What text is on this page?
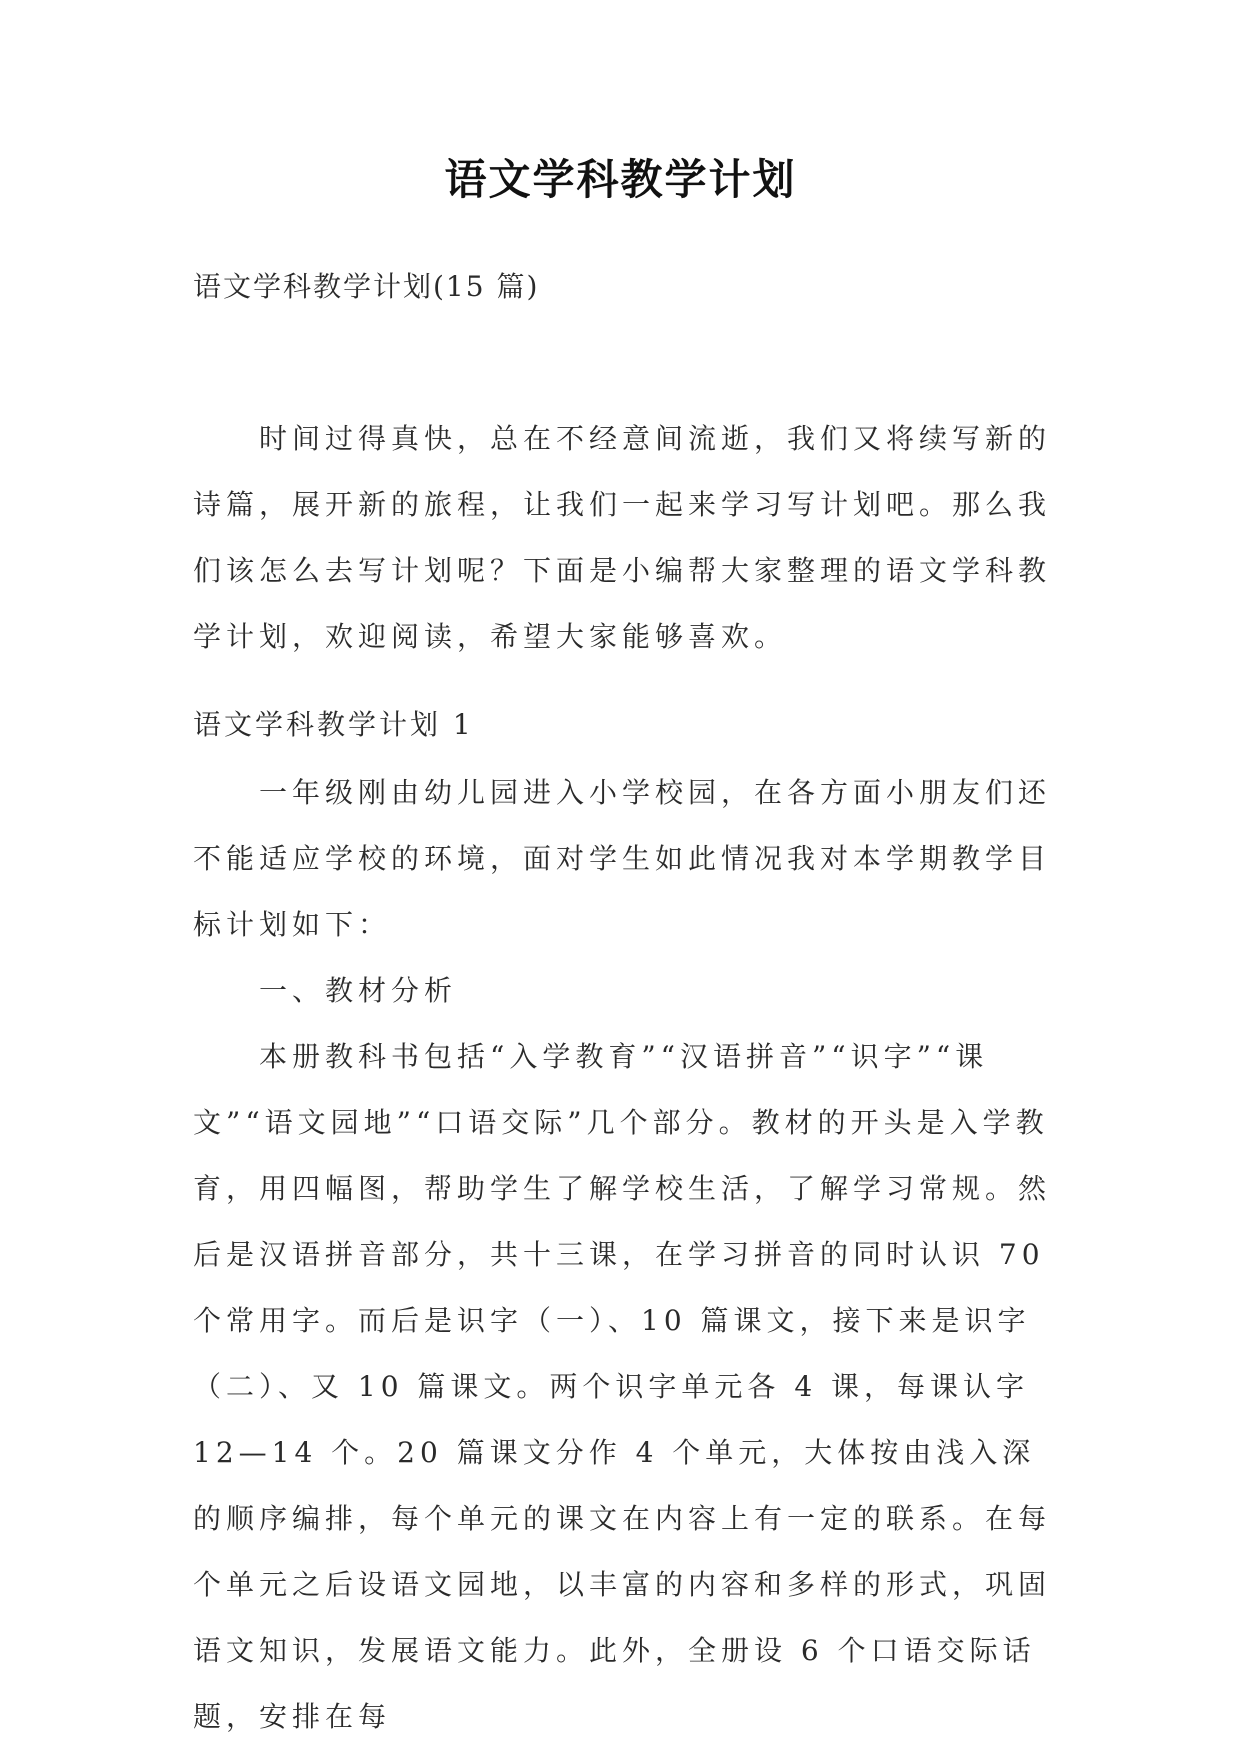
语文学科教学计划
语文学科教学计划(15 篇)

时间过得真快，总在不经意间流逝，我们又将续写新的诗篇，展开新的旅程，让我们一起来学习写计划吧。那么我们该怎么去写计划呢？下面是小编帮大家整理的语文学科教学计划，欢迎阅读，希望大家能够喜欢。

语文学科教学计划 1

一年级刚由幼儿园进入小学校园，在各方面小朋友们还不能适应学校的环境，面对学生如此情况我对本学期教学目标计划如下：

一、教材分析

本册教科书包括“入学教育”“汉语拼音”“识字”“课文”“语文园地”“口语交际”几个部分。教材的开头是入学教育，用四幅图，帮助学生了解学校生活，了解学习常规。然后是汉语拼音部分，共十三课，在学习拼音的同时认识 70 个常用字。而后是识字（一）、10 篇课文，接下来是识字（二）、又 10 篇课文。两个识字单元各 4 课，每课认字 12—14 个。20 篇课文分作 4 个单元，大体按由浅入深的顺序编排，每个单元的课文在内容上有一定的联系。在每个单元之后设语文园地，以丰富的内容和多样的形式，巩固语文知识，发展语文能力。此外，全册设 6 个口语交际话题，安排在每
